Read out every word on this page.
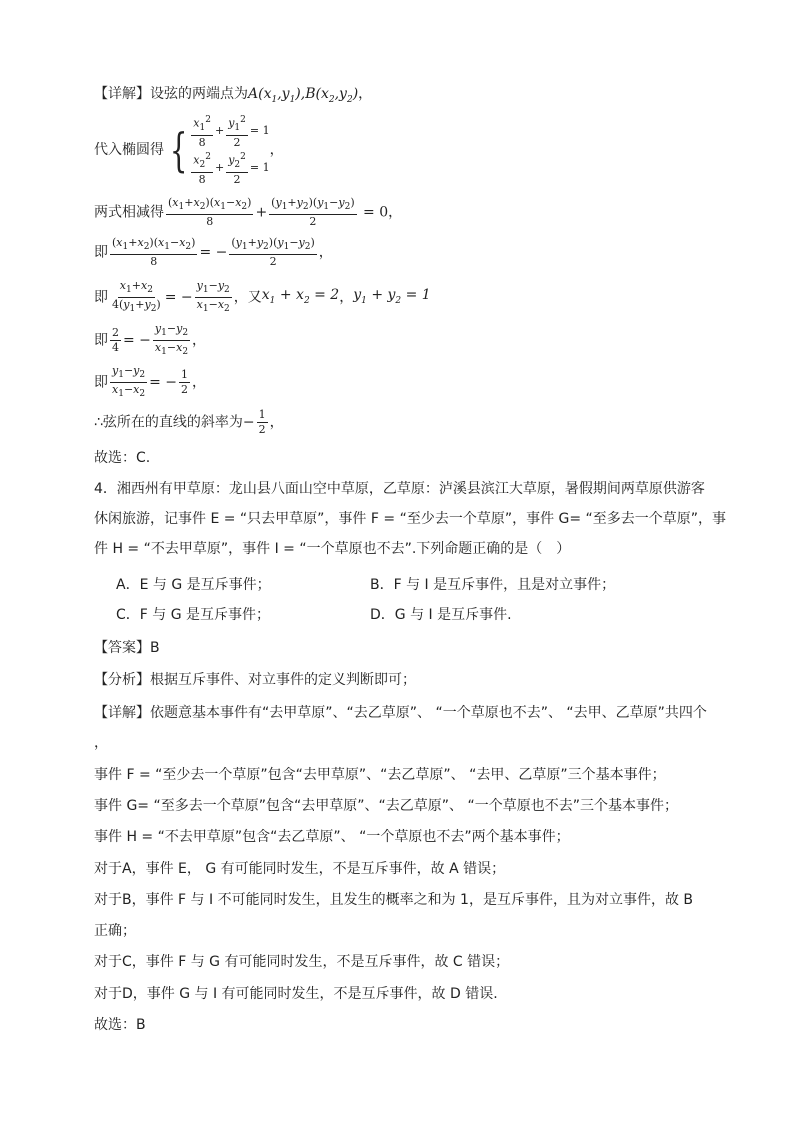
【详解】设弦的两端点为$A(x_1,y_1),B(x_2,y_2)$，
代入椭圆得 { $\frac{x_1^2}{8} + \frac{y_1^2}{2} = 1$
$\frac{x_2^2}{8} + \frac{y_2^2}{2} = 1$
，
两式相减得 $\frac{(x_1+x_2)(x_1-x_2)}{8} + \frac{(y_1+y_2)(y_1-y_2)}{2} = 0$，
即 $\frac{(x_1+x_2)(x_1-x_2)}{8}$ = − $\frac{(y_1+y_2)(y_1-y_2)}{2}$ ，
即 $\frac{x_1+x_2}{4(y_1+y_2)}$ = − $\frac{y_1-y_2}{x_1-x_2}$ ，又$x_1 + x_2 = 2$，$y_1 + y_2 = 1$
即 $\frac{2}{4}$ = − $\frac{y_1-y_2}{x_1-x_2}$ ，
即 $\frac{y_1-y_2}{x_1-x_2}$ = − $\frac{1}{2}$ ，
∴弦所在的直线的斜率为− $\frac{1}{2}$ ，
故选：C.
4．湘西州有甲草原：龙山县八面山空中草原，乙草原：泸溪县滨江大草原，暑假期间两草原供游客
休闲旅游，记事件 E = “只去甲草原”，事件 F = “至少去一个草原”，事件 G= “至多去一个草原”，事
件 H = “不去甲草原”，事件 I = “一个草原也不去”.下列命题正确的是（　）
A．E 与 G 是互斥事件；	B．F 与 I 是互斥事件，且是对立事件；
C．F 与 G 是互斥事件；	D．G 与 I 是互斥事件.
【答案】B
【分析】根据互斥事件、对立事件的定义判断即可；
【详解】依题意基本事件有“去甲草原”、“去乙草原”、 “一个草原也不去”、 “去甲、乙草原”共四个
，
事件 F = “至少去一个草原”包含“去甲草原”、“去乙草原”、 “去甲、乙草原”三个基本事件；
事件 G= “至多去一个草原”包含“去甲草原”、“去乙草原”、 “一个草原也不去”三个基本事件；
事件 H = “不去甲草原”包含“去乙草原”、 “一个草原也不去”两个基本事件；
对于A，事件 E， G 有可能同时发生，不是互斥事件，故 A 错误；
对于B，事件 F 与 I 不可能同时发生，且发生的概率之和为 1，是互斥事件，且为对立事件，故 B
正确；
对于C，事件 F 与 G 有可能同时发生，不是互斥事件，故 C 错误；
对于D，事件 G 与 I 有可能同时发生，不是互斥事件，故 D 错误.
故选：B
